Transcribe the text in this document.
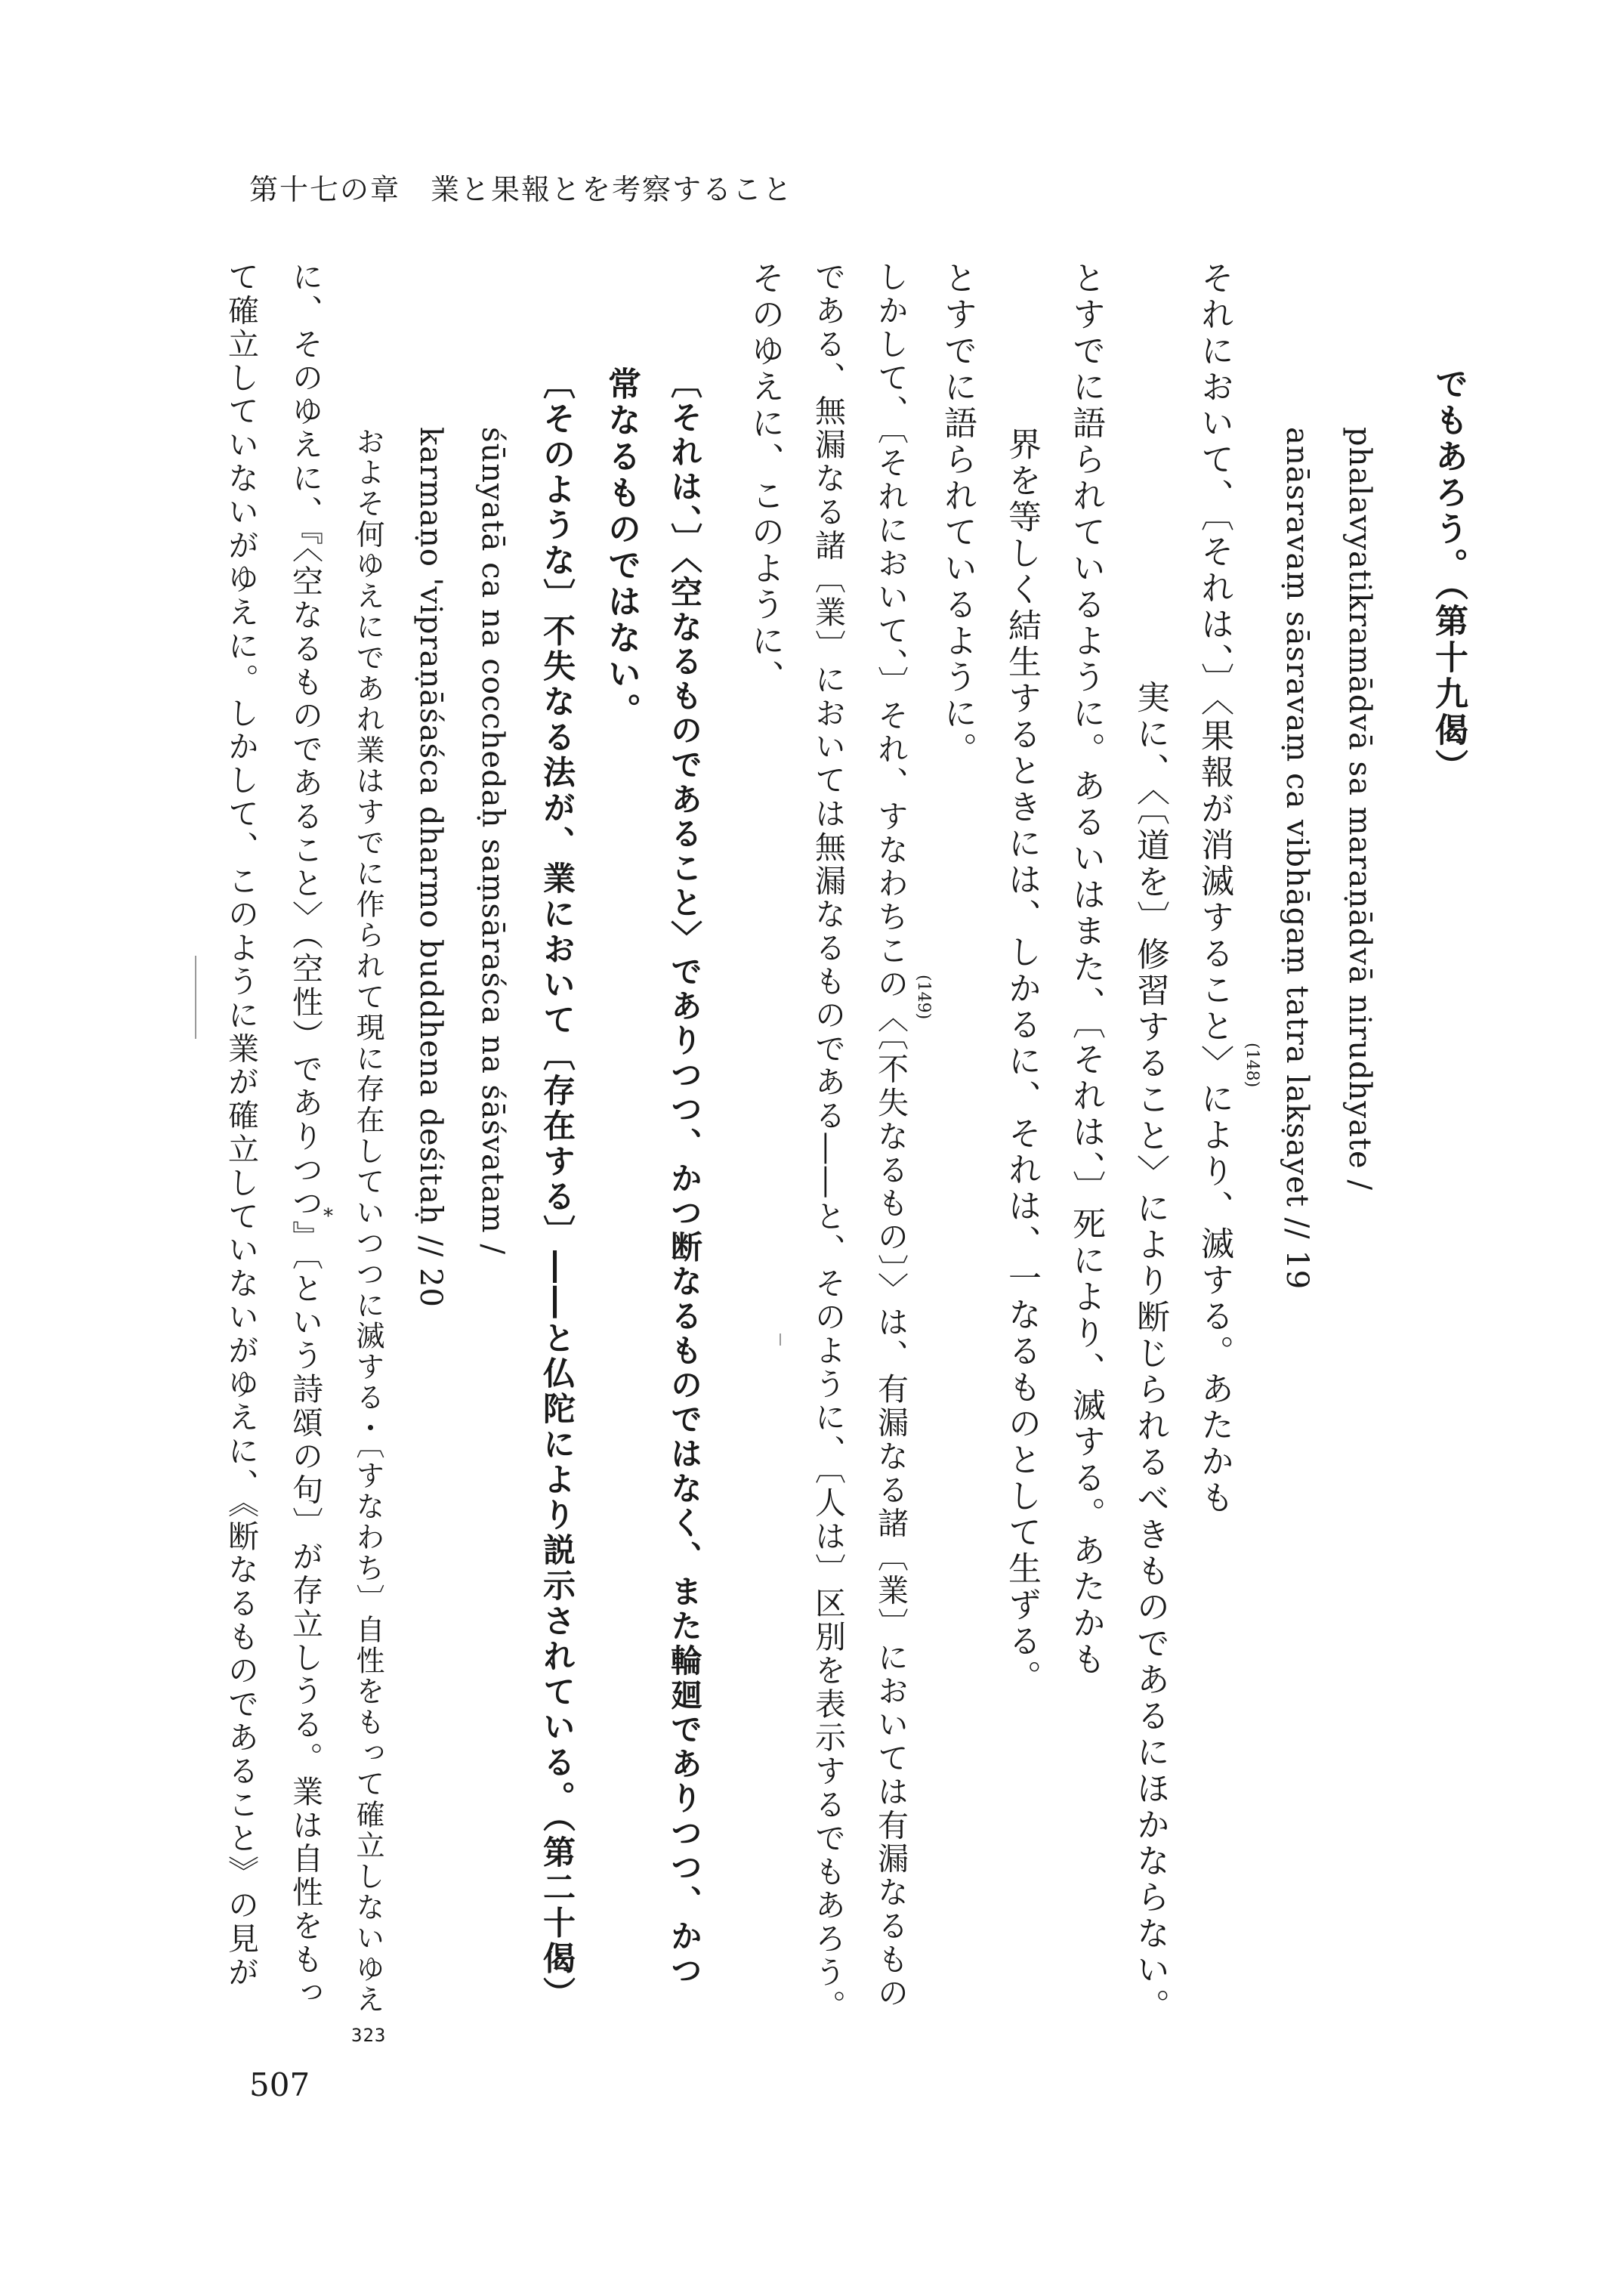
第十七の章　業と果報とを考察すること
でもあろう。（第十九偈）
phalavyatikramādvā sa maraṇādvā nirudhyate /
anāsravaṃ sāsravaṃ ca vibhāgaṃ tatra lakṣayet // 19
それにおいて、〔それは、〕〈果報が消滅すること〉により、滅する。あたかも
実に、〈〔道を〕修習すること〉により断じられるべきものであるにほかならない。
とすでに語られているように。あるいはまた、〔それは、〕死により、滅する。あたかも
界を等しく結生するときには、しかるに、それは、一なるものとして生ずる。
とすでに語られているように。
しかして、〔それにおいて、〕それ、すなわちこの〈〔不失なるもの〕〉は、有漏なる諸〔業〕においては有漏なるもの
である、無漏なる諸〔業〕においては無漏なるものである――と、そのように、〔人は〕区別を表示するでもあろう。
そのゆえに、このように、
〔それは、〕〈空なるものであること〉でありつつ、かつ断なるものではなく、また輪廻でありつつ、かつ
常なるものではない。
〔そのような〕不失なる法が、業において〔存在する〕――と仏陀により説示されている。（第二十偈）
śūnyatā ca na cocchedaḥ saṃsāraśca na śāśvatam /
karmaṇo 'vipraṇāśaśca dharmo buddhena deśitaḥ // 20
およそ何ゆえにであれ業はすでに作られて現に存在していつつに滅する・〔すなわち〕自性をもって確立しないゆえ
に、そのゆえに、『〈空なるものであること〉（空性）でありつつ』〔という詩頌の句〕が存立しうる。業は自性をもっ
て確立していないがゆえに。しかして、このように業が確立していないがゆえに、《断なるものであること》の見が	(148)
(149)
*
323
507
